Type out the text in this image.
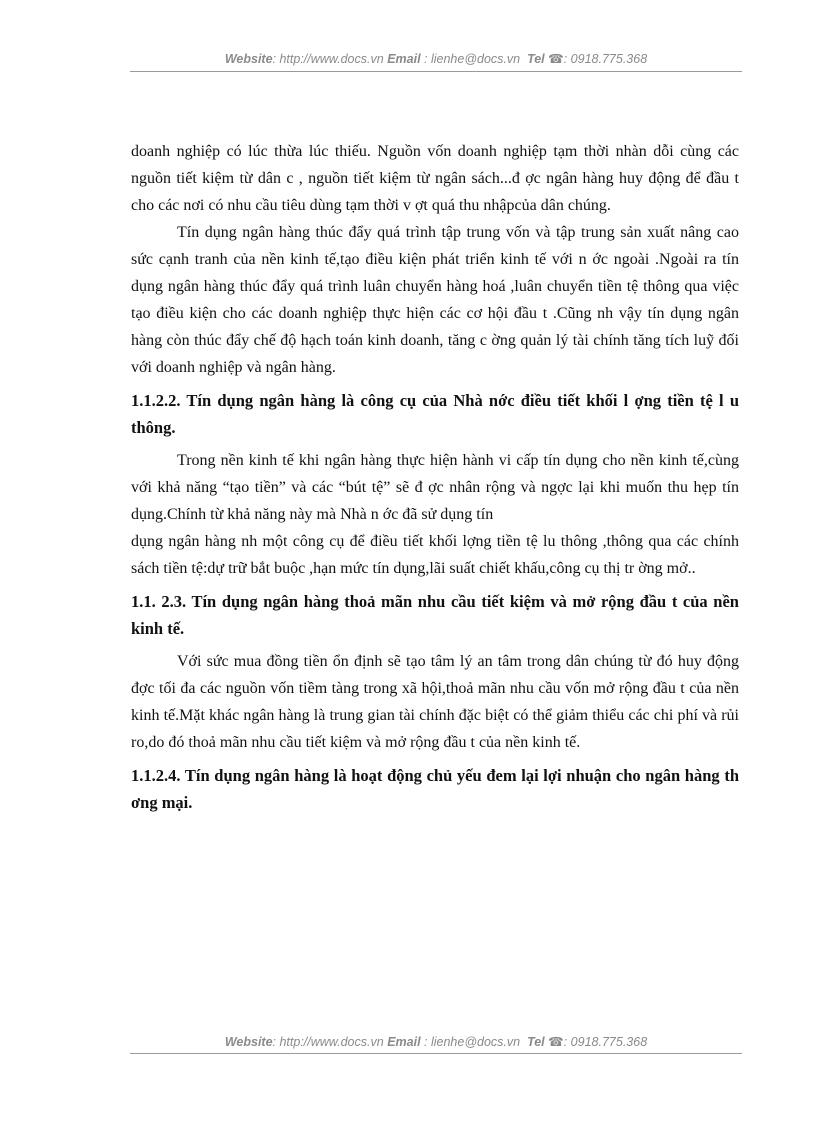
Website: http://www.docs.vn Email : lienhe@docs.vn Tel ☎: 0918.775.368

doanh nghiệp có lúc thừa lúc thiếu. Nguồn vốn doanh nghiệp tạm thời nhàn dỗi cùng các nguồn tiết kiệm từ dân c , nguồn tiết kiệm từ ngân sách...đ ợc ngân hàng huy động để đầu t cho các nơi có nhu cầu tiêu dùng tạm thời v ợt quá thu nhậpcủa dân chúng.

Tín dụng ngân hàng thúc đẩy quá trình tập trung vốn và tập trung sản xuất nâng cao sức cạnh tranh của nền kinh tế,tạo điều kiện phát triển kinh tế với n ớc ngoài .Ngoài ra tín dụng ngân hàng thúc đẩy quá trình luân chuyển hàng hoá ,luân chuyển tiền tệ thông qua việc tạo điều kiện cho các doanh nghiệp thực hiện các cơ hội đầu t .Cũng nh vậy tín dụng ngân hàng còn thúc đẩy chế độ hạch toán kinh doanh, tăng c ờng quản lý tài chính tăng tích luỹ đối với doanh nghiệp và ngân hàng.

1.1.2.2. Tín dụng ngân hàng là công cụ của Nhà nớc điều tiết khối l ợng tiền tệ l u thông.

Trong nền kinh tế khi ngân hàng thực hiện hành vi cấp tín dụng cho nền kinh tế,cùng với khả năng “tạo tiền” và các “bút tệ” sẽ đ ợc nhân rộng và ngợc lại khi muốn thu hẹp tín dụng.Chính từ khả năng này mà Nhà n ớc đã sử dụng tín

dụng ngân hàng nh một công cụ để điều tiết khối lợng tiền tệ lu thông ,thông qua các chính sách tiền tệ:dự trữ bắt buộc ,hạn mức tín dụng,lãi suất chiết khấu,công cụ thị tr ờng mở..

1.1. 2.3. Tín dụng ngân hàng thoả mãn nhu cầu tiết kiệm và mở rộng đầu t của nền kinh tế.

Với sức mua đồng tiền ổn định sẽ tạo tâm lý an tâm trong dân chúng từ đó huy động đợc tối đa các nguồn vốn tiềm tàng trong xã hội,thoả mãn nhu cầu vốn mở rộng đầu t của nền kinh tế.Mặt khác ngân hàng là trung gian tài chính đặc biệt có thể giảm thiểu các chi phí và rủi ro,do đó thoả mãn nhu cầu tiết kiệm và mở rộng đầu t của nền kinh tế.

1.1.2.4. Tín dụng ngân hàng là hoạt động chủ yếu đem lại lợi nhuận cho ngân hàng th ơng mại.
Website: http://www.docs.vn Email : lienhe@docs.vn Tel ☎: 0918.775.368
